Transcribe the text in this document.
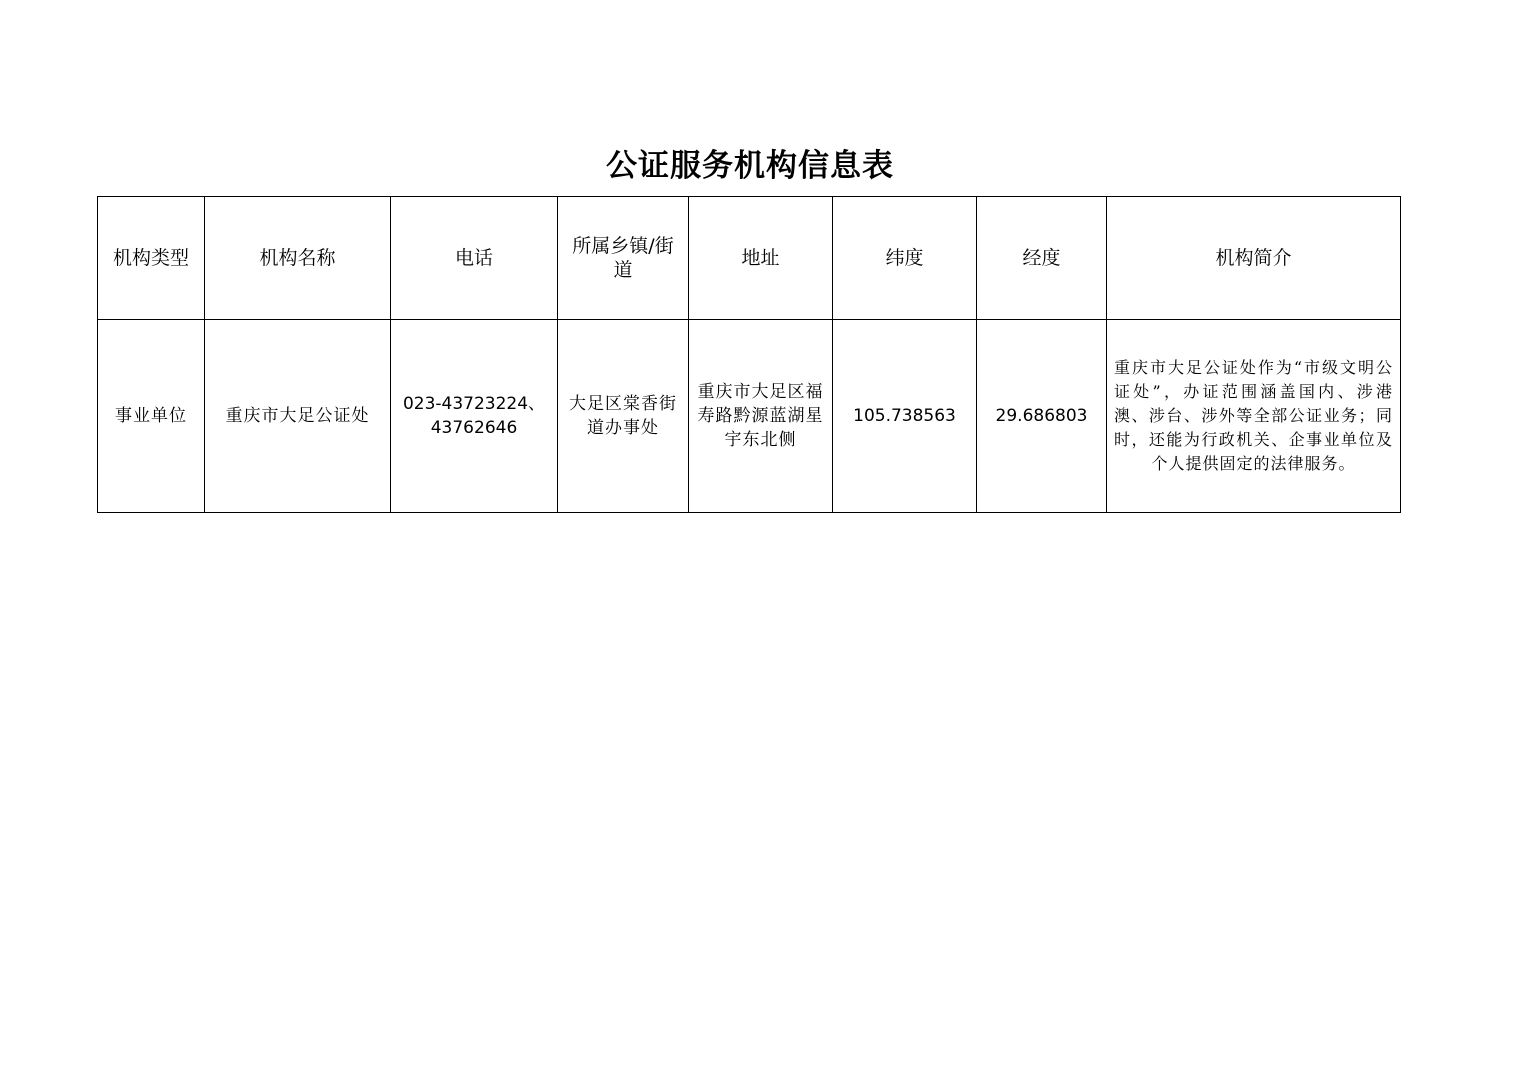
公证服务机构信息表
机构类型	机构名称	电话	所属乡镇/街道	地址	纬度	经度	机构简介
事业单位	重庆市大足公证处	023-43723224、43762646	大足区棠香街道办事处	重庆市大足区福寿路黔源蓝湖星宇东北侧	105.738563	29.686803	重庆市大足公证处作为“市级文明公证处”，办证范围涵盖国内、涉港澳、涉台、涉外等全部公证业务；同时，还能为行政机关、企事业单位及个人提供固定的法律服务。
